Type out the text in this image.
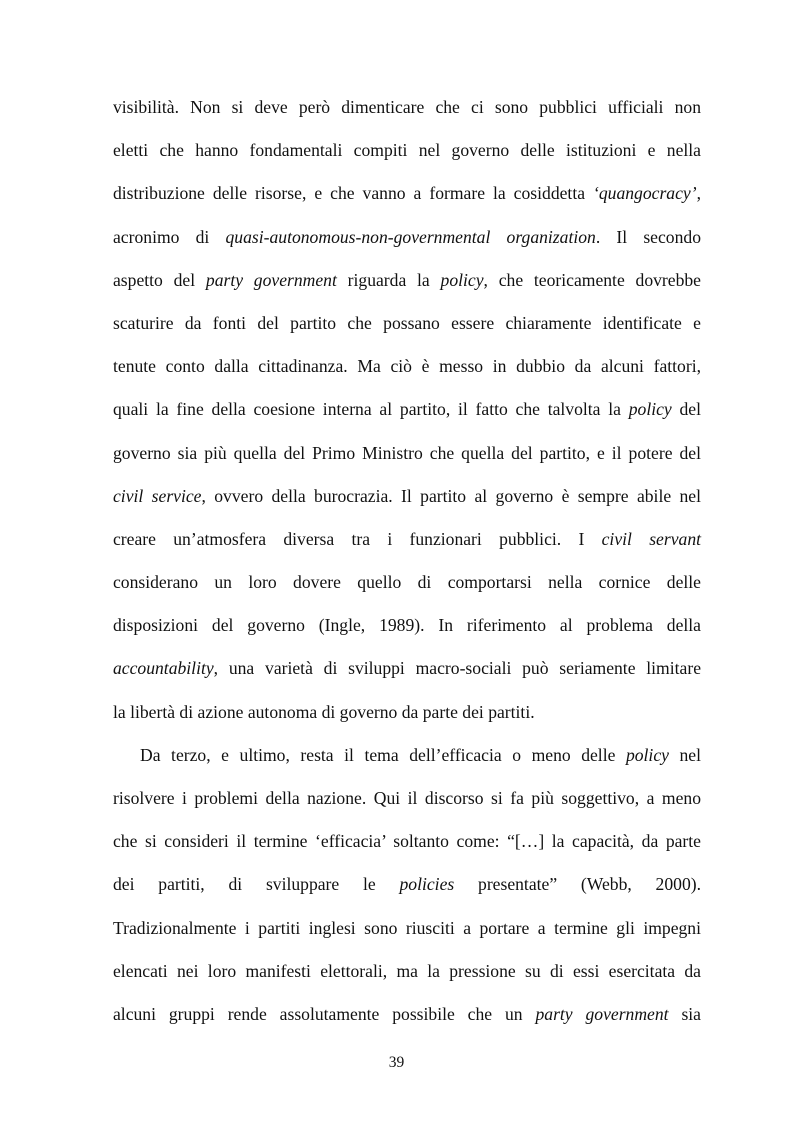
visibilità. Non si deve però dimenticare che ci sono pubblici ufficiali non
eletti che hanno fondamentali compiti nel governo delle istituzioni e nella
distribuzione delle risorse, e che vanno a formare la cosiddetta ‘quangocracy’,
acronimo di quasi-autonomous-non-governmental organization. Il secondo
aspetto del party government riguarda la policy, che teoricamente dovrebbe
scaturire da fonti del partito che possano essere chiaramente identificate e
tenute conto dalla cittadinanza. Ma ciò è messo in dubbio da alcuni fattori,
quali la fine della coesione interna al partito, il fatto che talvolta la policy del
governo sia più quella del Primo Ministro che quella del partito, e il potere del
civil service, ovvero della burocrazia. Il partito al governo è sempre abile nel
creare un’atmosfera diversa tra i funzionari pubblici. I civil servant
considerano un loro dovere quello di comportarsi nella cornice delle
disposizioni del governo (Ingle, 1989). In riferimento al problema della
accountability, una varietà di sviluppi macro-sociali può seriamente limitare
la libertà di azione autonoma di governo da parte dei partiti.
Da terzo, e ultimo, resta il tema dell’efficacia o meno delle policy nel
risolvere i problemi della nazione. Qui il discorso si fa più soggettivo, a meno
che si consideri il termine ‘efficacia’ soltanto come: “[…] la capacità, da parte
dei partiti, di sviluppare le policies presentate” (Webb, 2000).
Tradizionalmente i partiti inglesi sono riusciti a portare a termine gli impegni
elencati nei loro manifesti elettorali, ma la pressione su di essi esercitata da
alcuni gruppi rende assolutamente possibile che un party government sia
39
